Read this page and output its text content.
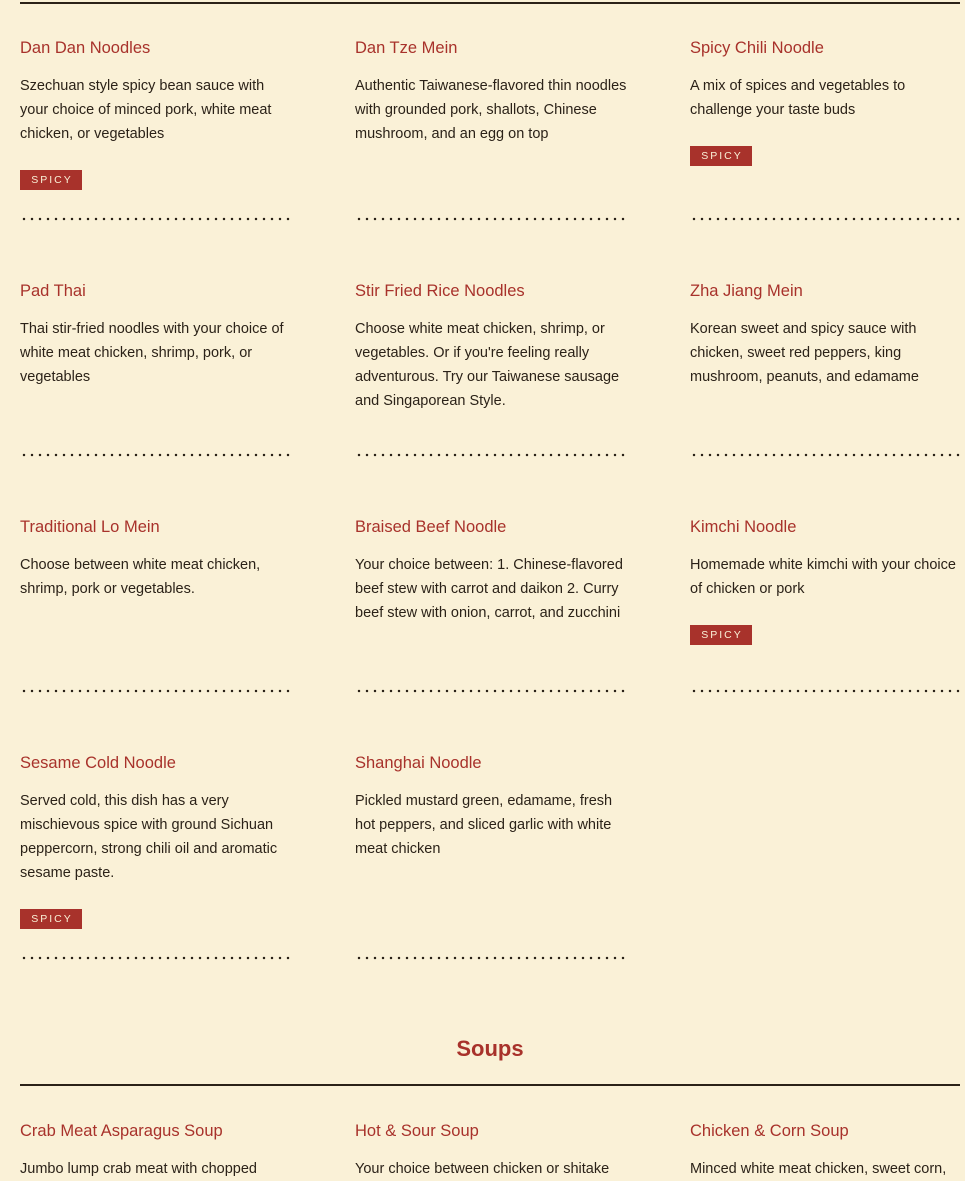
Dan Dan Noodles
Szechuan style spicy bean sauce with your choice of minced pork, white meat chicken, or vegetables
SPICY
Dan Tze Mein
Authentic Taiwanese-flavored thin noodles with grounded pork, shallots, Chinese mushroom, and an egg on top
Spicy Chili Noodle
A mix of spices and vegetables to challenge your taste buds
SPICY
Pad Thai
Thai stir-fried noodles with your choice of white meat chicken, shrimp, pork, or vegetables
Stir Fried Rice Noodles
Choose white meat chicken, shrimp, or vegetables. Or if you're feeling really adventurous. Try our Taiwanese sausage and Singaporean Style.
Zha Jiang Mein
Korean sweet and spicy sauce with chicken, sweet red peppers, king mushroom, peanuts, and edamame
Traditional Lo Mein
Choose between white meat chicken, shrimp, pork or vegetables.
Braised Beef Noodle
Your choice between: 1. Chinese-flavored beef stew with carrot and daikon 2. Curry beef stew with onion, carrot, and zucchini
Kimchi Noodle
Homemade white kimchi with your choice of chicken or pork
SPICY
Sesame Cold Noodle
Served cold, this dish has a very mischievous spice with ground Sichuan peppercorn, strong chili oil and aromatic sesame paste.
SPICY
Shanghai Noodle
Pickled mustard green, edamame, fresh hot peppers, and sliced garlic with white meat chicken
Soups
Crab Meat Asparagus Soup
Jumbo lump crab meat with chopped
Hot & Sour Soup
Your choice between chicken or shitake
Chicken & Corn Soup
Minced white meat chicken, sweet corn,
